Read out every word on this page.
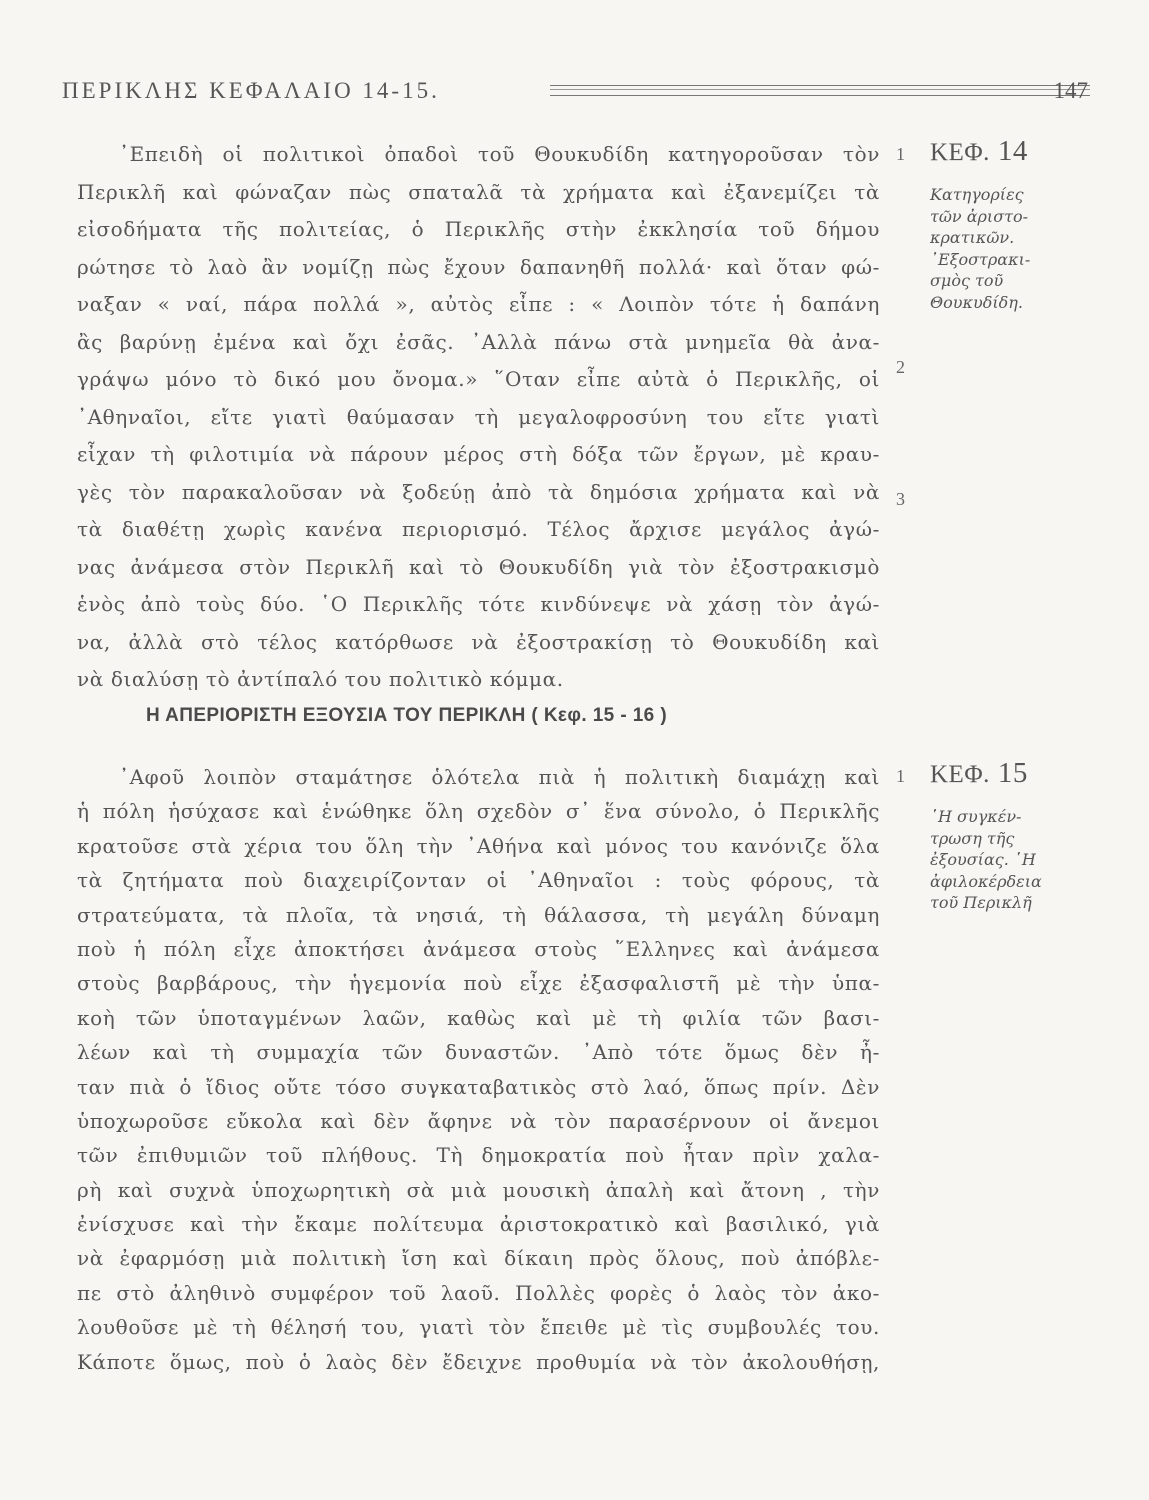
ΠΕΡΙΚΛΗΣ ΚΕΦΑΛΑΙΟ 14-15.	147
᾿Επειδὴ οἱ πολιτικοὶ ὀπαδοὶ τοῦ Θουκυδίδη κατηγοροῦσαν τὸν
Περικλῆ καὶ φώναζαν πὼς σπαταλᾶ τὰ χρήματα καὶ ἐξανεμίζει τὰ
εἰσοδήματα τῆς πολιτείας, ὁ Περικλῆς στὴν ἐκκλησία τοῦ δήμου
ρώτησε τὸ λαὸ ἂν νομίζῃ πὼς ἔχουν δαπανηθῆ πολλά· καὶ ὅταν φώ-
ναξαν « ναί, πάρα πολλά », αὐτὸς εἶπε : « Λοιπὸν τότε ἡ δαπάνη
ἂς βαρύνῃ ἐμένα καὶ ὄχι ἐσᾶς. ᾿Αλλὰ πάνω στὰ μνημεῖα θὰ ἀνα-
γράψω μόνο τὸ δικό μου ὄνομα.» ῞Οταν εἶπε αὐτὰ ὁ Περικλῆς, οἱ
᾿Αθηναῖοι, εἴτε γιατὶ θαύμασαν τὴ μεγαλοφροσύνη του εἴτε γιατὶ
εἶχαν τὴ φιλοτιμία νὰ πάρουν μέρος στὴ δόξα τῶν ἔργων, μὲ κραυ-
γὲς τὸν παρακαλοῦσαν νὰ ξοδεύῃ ἀπὸ τὰ δημόσια χρήματα καὶ νὰ
τὰ διαθέτῃ χωρὶς κανένα περιορισμό. Τέλος ἄρχισε μεγάλος ἀγώ-
νας ἀνάμεσα στὸν Περικλῆ καὶ τὸ Θουκυδίδη γιὰ τὸν ἐξοστρακισμὸ
ἑνὸς ἀπὸ τοὺς δύο. ῾Ο Περικλῆς τότε κινδύνεψε νὰ χάσῃ τὸν ἀγώ-
να, ἀλλὰ στὸ τέλος κατόρθωσε νὰ ἐξοστρακίσῃ τὸ Θουκυδίδη καὶ
νὰ διαλύσῃ τὸ ἀντίπαλό του πολιτικὸ κόμμα.
1
2
3
ΚΕΦ. 14
Κατηγορίες
τῶν ἀριστο-
κρατικῶν.
᾿Εξοστρακι-
σμὸς τοῦ
Θουκυδίδη.
Η ΑΠΕΡΙΟΡΙΣΤΗ ΕΞΟΥΣΙΑ ΤΟΥ ΠΕΡΙΚΛΗ ( Κεφ. 15 - 16 )
᾿Αφοῦ λοιπὸν σταμάτησε ὁλότελα πιὰ ἡ πολιτικὴ διαμάχῃ καὶ
ἡ πόλη ἡσύχασε καὶ ἑνώθηκε ὅλη σχεδὸν σ᾿ ἕνα σύνολο, ὁ Περικλῆς
κρατοῦσε στὰ χέρια του ὅλη τὴν ᾿Αθήνα καὶ μόνος του κανόνιζε ὅλα
τὰ ζητήματα ποὺ διαχειρίζονταν οἱ ᾿Αθηναῖοι : τοὺς φόρους, τὰ
στρατεύματα, τὰ πλοῖα, τὰ νησιά, τὴ θάλασσα, τὴ μεγάλη δύναμη
ποὺ ἡ πόλη εἶχε ἀποκτήσει ἀνάμεσα στοὺς ῞Ελληνες καὶ ἀνάμεσα
στοὺς βαρβάρους, τὴν ἡγεμονία ποὺ εἶχε ἐξασφαλιστῆ μὲ τὴν ὑπα-
κοὴ τῶν ὑποταγμένων λαῶν, καθὼς καὶ μὲ τὴ φιλία τῶν βασι-
λέων καὶ τὴ συμμαχία τῶν δυναστῶν. ᾿Απὸ τότε ὅμως δὲν ἦ-
ταν πιὰ ὁ ἴδιος οὔτε τόσο συγκαταβατικὸς στὸ λαό, ὅπως πρίν. Δὲν
ὑποχωροῦσε εὔκολα καὶ δὲν ἄφηνε νὰ τὸν παρασέρνουν οἱ ἄνεμοι
τῶν ἐπιθυμιῶν τοῦ πλήθους. Τὴ δημοκρατία ποὺ ἦταν πρὶν χαλα-
ρὴ καὶ συχνὰ ὑποχωρητικὴ σὰ μιὰ μουσικὴ ἀπαλὴ καὶ ἄτονη , τὴν
ἐνίσχυσε καὶ τὴν ἔκαμε πολίτευμα ἀριστοκρατικὸ καὶ βασιλικό, γιὰ
νὰ ἐφαρμόσῃ μιὰ πολιτικὴ ἴση καὶ δίκαιη πρὸς ὅλους, ποὺ ἀπόβλε-
πε στὸ ἀληθινὸ συμφέρον τοῦ λαοῦ. Πολλὲς φορὲς ὁ λαὸς τὸν ἀκο-
λουθοῦσε μὲ τὴ θέλησή του, γιατὶ τὸν ἔπειθε μὲ τὶς συμβουλές του.
Κάποτε ὅμως, ποὺ ὁ λαὸς δὲν ἔδειχνε προθυμία νὰ τὸν ἀκολουθήσῃ,
1	ΚΕΦ. 15
῾Η συγκέν-
τρωση τῆς
ἐξουσίας. ῾Η
ἀφιλοκέρδεια
τοῦ Περικλῆ
